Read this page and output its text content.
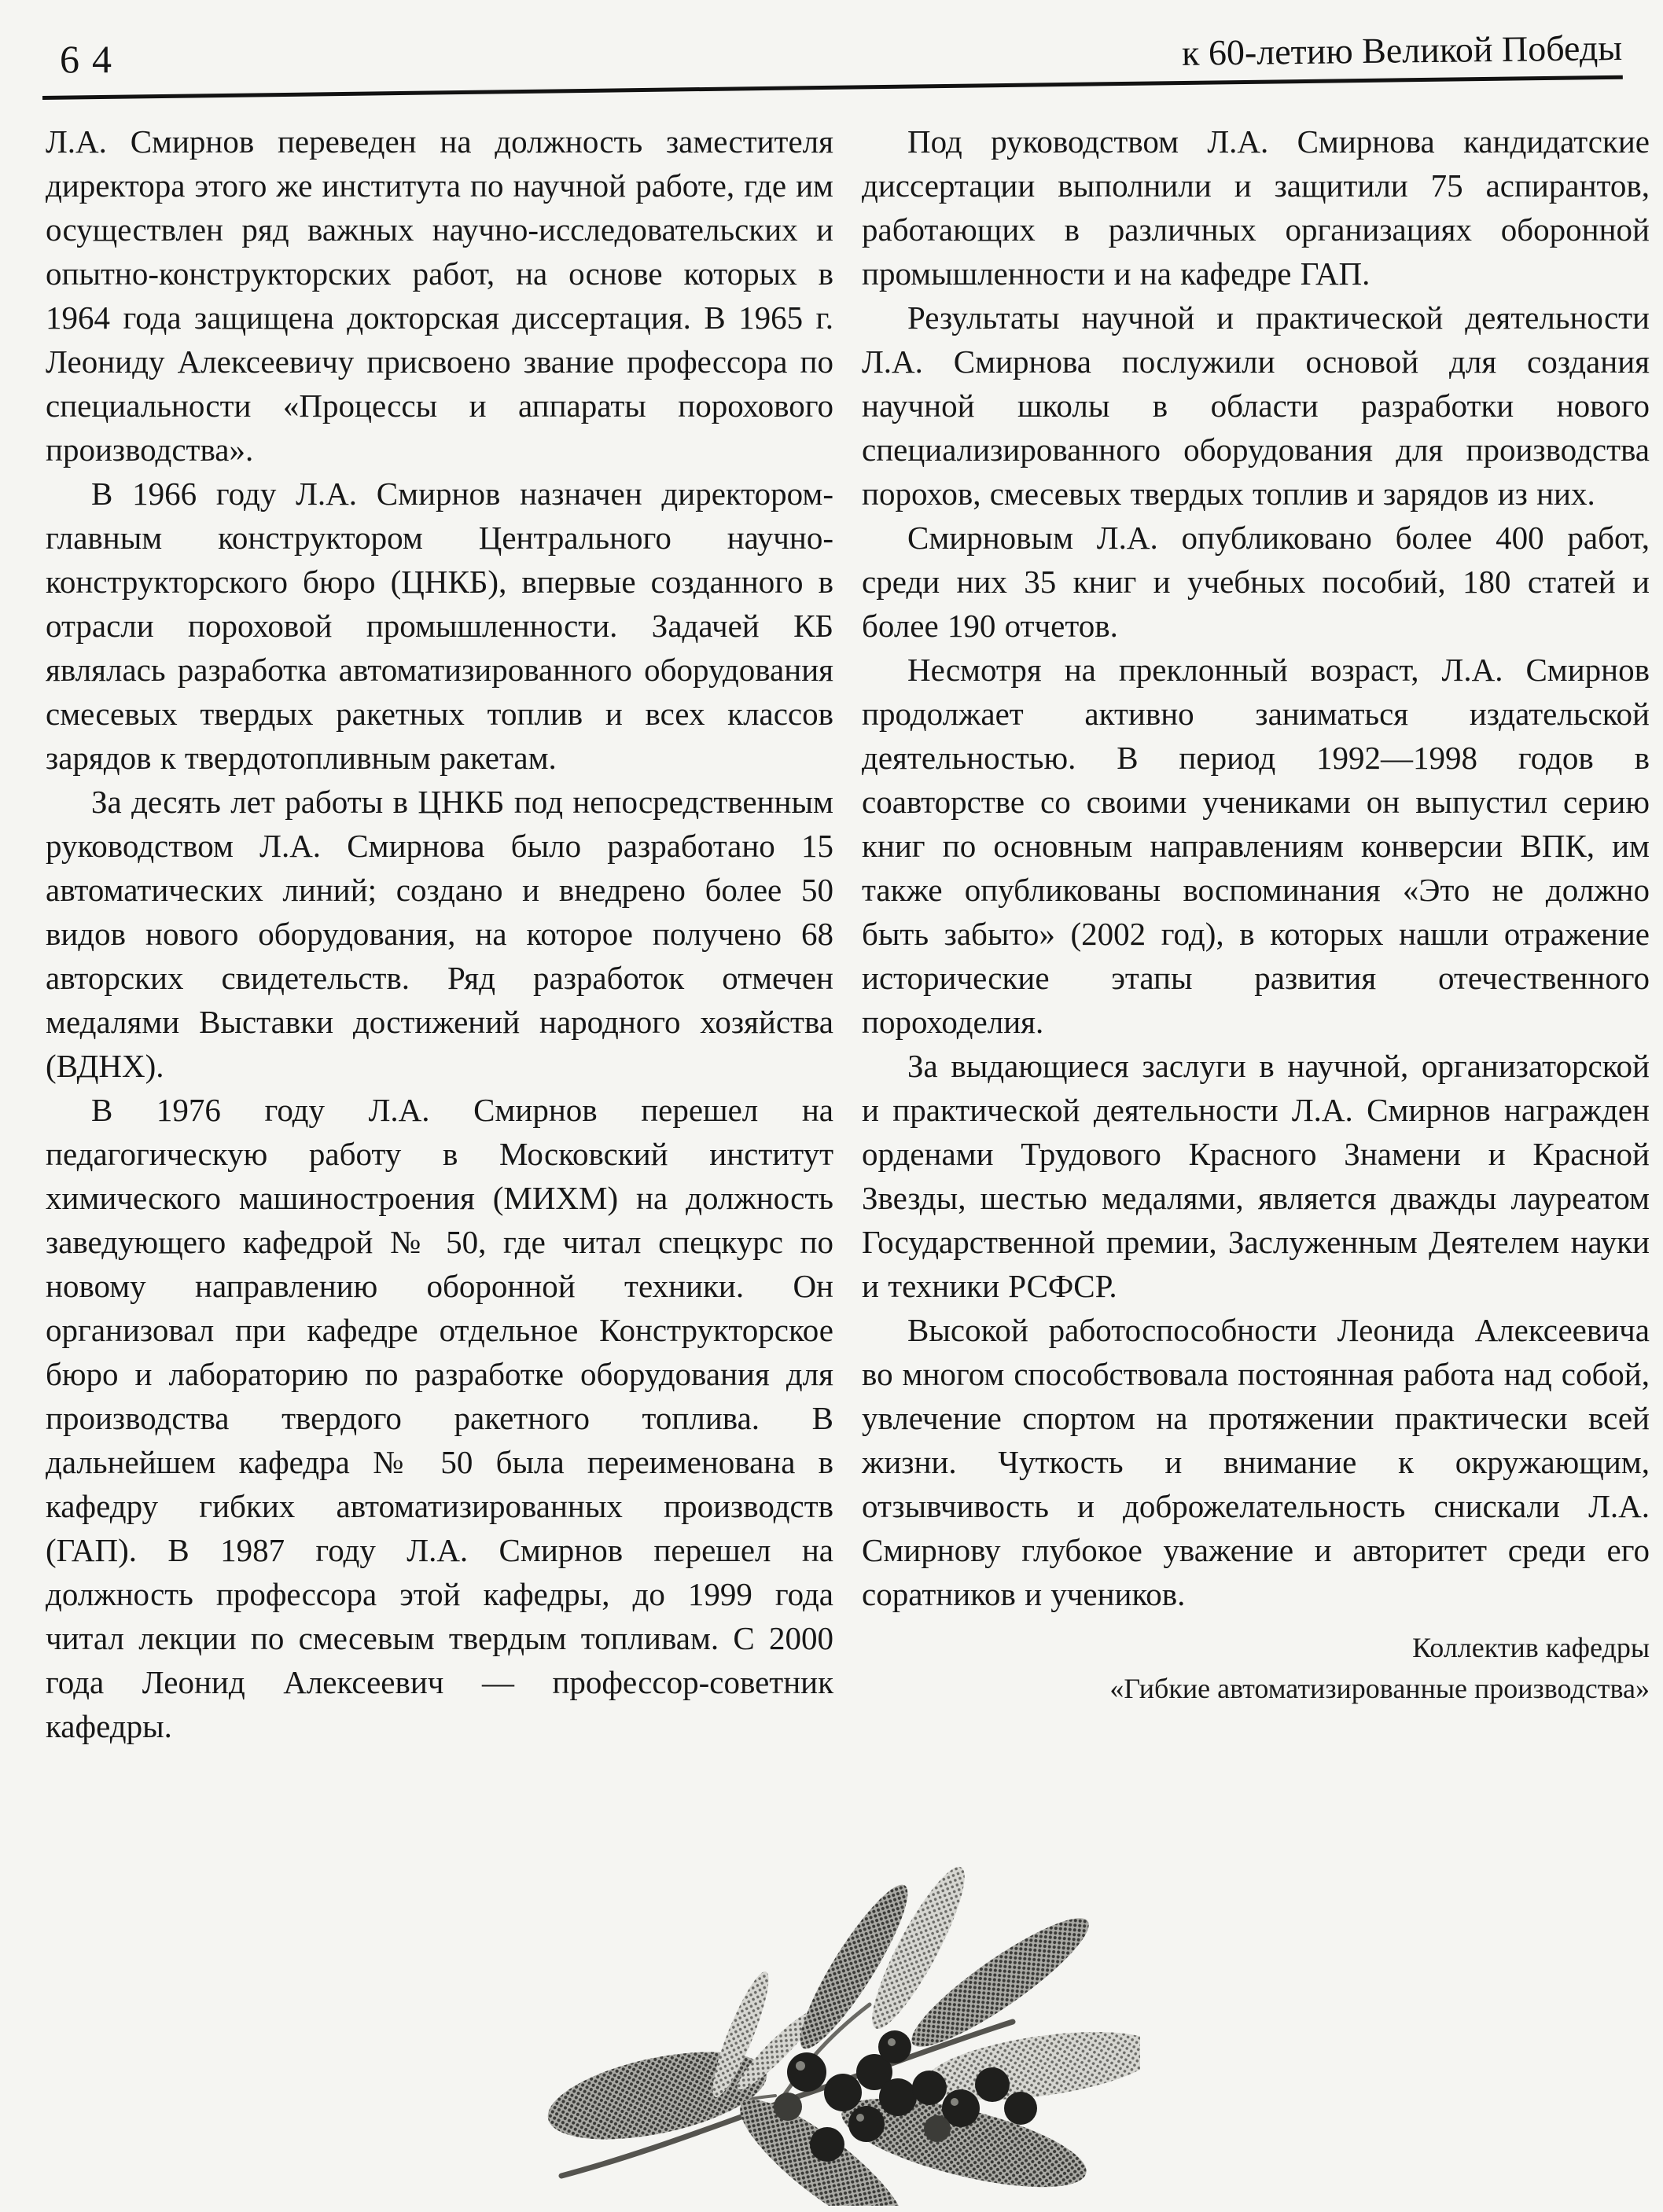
64	к 60-летию Великой Победы

Л.А. Смирнов переведен на должность заместителя директора этого же института по научной работе, где им осуществлен ряд важных научно-исследовательских и опытно-конструкторских работ, на основе которых в 1964 года защищена докторская диссертация. В 1965 г. Леониду Алексеевичу присвоено звание профессора по специальности «Процессы и аппараты порохового производства».

В 1966 году Л.А. Смирнов назначен директором-главным конструктором Центрального научно-конструкторского бюро (ЦНКБ), впервые созданного в отрасли пороховой промышленности. Задачей КБ являлась разработка автоматизированного оборудования смесевых твердых ракетных топлив и всех классов зарядов к твердотопливным ракетам.

За десять лет работы в ЦНКБ под непосредственным руководством Л.А. Смирнова было разработано 15 автоматических линий; создано и внедрено более 50 видов нового оборудования, на которое получено 68 авторских свидетельств. Ряд разработок отмечен медалями Выставки достижений народного хозяйства (ВДНХ).

В 1976 году Л.А. Смирнов перешел на педагогическую работу в Московский институт химического машиностроения (МИХМ) на должность заведующего кафедрой № 50, где читал спецкурс по новому направлению оборонной техники. Он организовал при кафедре отдельное Конструкторское бюро и лабораторию по разработке оборудования для производства твердого ракетного топлива. В дальнейшем кафедра № 50 была переименована в кафедру гибких автоматизированных производств (ГАП). В 1987 году Л.А. Смирнов перешел на должность профессора этой кафедры, до 1999 года читал лекции по смесевым твердым топливам. С 2000 года Леонид Алексеевич — профессор-советник кафедры.

Под руководством Л.А. Смирнова кандидатские диссертации выполнили и защитили 75 аспирантов, работающих в различных организациях оборонной промышленности и на кафедре ГАП.

Результаты научной и практической деятельности Л.А. Смирнова послужили основой для создания научной школы в области разработки нового специализированного оборудования для производства порохов, смесевых твердых топлив и зарядов из них.

Смирновым Л.А. опубликовано более 400 работ, среди них 35 книг и учебных пособий, 180 статей и более 190 отчетов.

Несмотря на преклонный возраст, Л.А. Смирнов продолжает активно заниматься издательской деятельностью. В период 1992—1998 годов в соавторстве со своими учениками он выпустил серию книг по основным направлениям конверсии ВПК, им также опубликованы воспоминания «Это не должно быть забыто» (2002 год), в которых нашли отражение исторические этапы развития отечественного пороходелия.

За выдающиеся заслуги в научной, организаторской и практической деятельности Л.А. Смирнов награжден орденами Трудового Красного Знамени и Красной Звезды, шестью медалями, является дважды лауреатом Государственной премии, Заслуженным Деятелем науки и техники РСФСР.

Высокой работоспособности Леонида Алексеевича во многом способствовала постоянная работа над собой, увлечение спортом на протяжении практически всей жизни. Чуткость и внимание к окружающим, отзывчивость и доброжелательность снискали Л.А. Смирнову глубокое уважение и авторитет среди его соратников и учеников.

Коллектив кафедры
«Гибкие автоматизированные производства»
